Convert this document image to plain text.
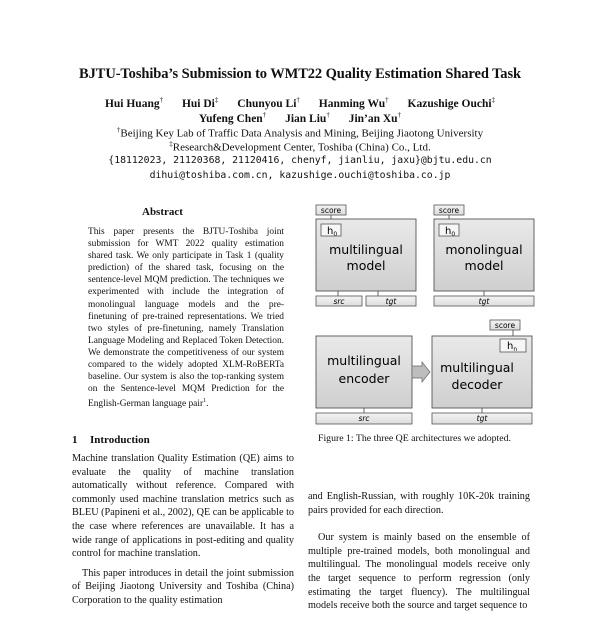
BJTU-Toshiba’s Submission to WMT22 Quality Estimation Shared Task
Hui Huang† Hui Di‡ Chunyou Li† Hanming Wu† Kazushige Ouchi‡
Yufeng Chen† Jian Liu† Jin’an Xu†
†Beijing Key Lab of Traffic Data Analysis and Mining, Beijing Jiaotong University
‡Research&Development Center, Toshiba (China) Co., Ltd.
{18112023, 21120368, 21120416, chenyf, jianliu, jaxu}@bjtu.edu.cn
dihui@toshiba.com.cn, kazushige.ouchi@toshiba.co.jp
Abstract
This paper presents the BJTU-Toshiba joint submission for WMT 2022 quality estimation shared task. We only participate in Task 1 (quality prediction) of the shared task, focusing on the sentence-level MQM prediction. The techniques we experimented with include the integration of monolingual language models and the pre-finetuning of pre-trained representations. We tried two styles of pre-finetuning, namely Translation Language Modeling and Replaced Token Detection. We demonstrate the competitiveness of our system compared to the widely adopted XLM-RoBERTa baseline. Our system is also the top-ranking system on the Sentence-level MQM Prediction for the English-German language pair$^1$.
1 Introduction

Machine translation Quality Estimation (QE) aims to evaluate the quality of machine translation automatically without reference. Compared with commonly used machine translation metrics such as BLEU (Papineni et al., 2002), QE can be applicable to the case where references are unavailable. It has a wide range of applications in post-editing and quality control for machine translation.

This paper introduces in detail the joint submission of Beijing Jiaotong University and Toshiba (China) Corporation to the quality estimation

and English-Russian, with roughly 10K-20k training pairs provided for each direction.

Our system is mainly based on the ensemble of multiple pre-trained models, both monolingual and multilingual. The monolingual models receive only the target sequence to perform regression (only estimating the target fluency). The multilingual models receive both the source and target sequence to

score
$h_0$
multilingual
model
src	tgt
score
$h_0$
monolingual
model
tgt
multilingual
encoder
score
$h_n$
multilingual
decoder
src	tgt
Figure 1: The three QE architectures we adopted.
